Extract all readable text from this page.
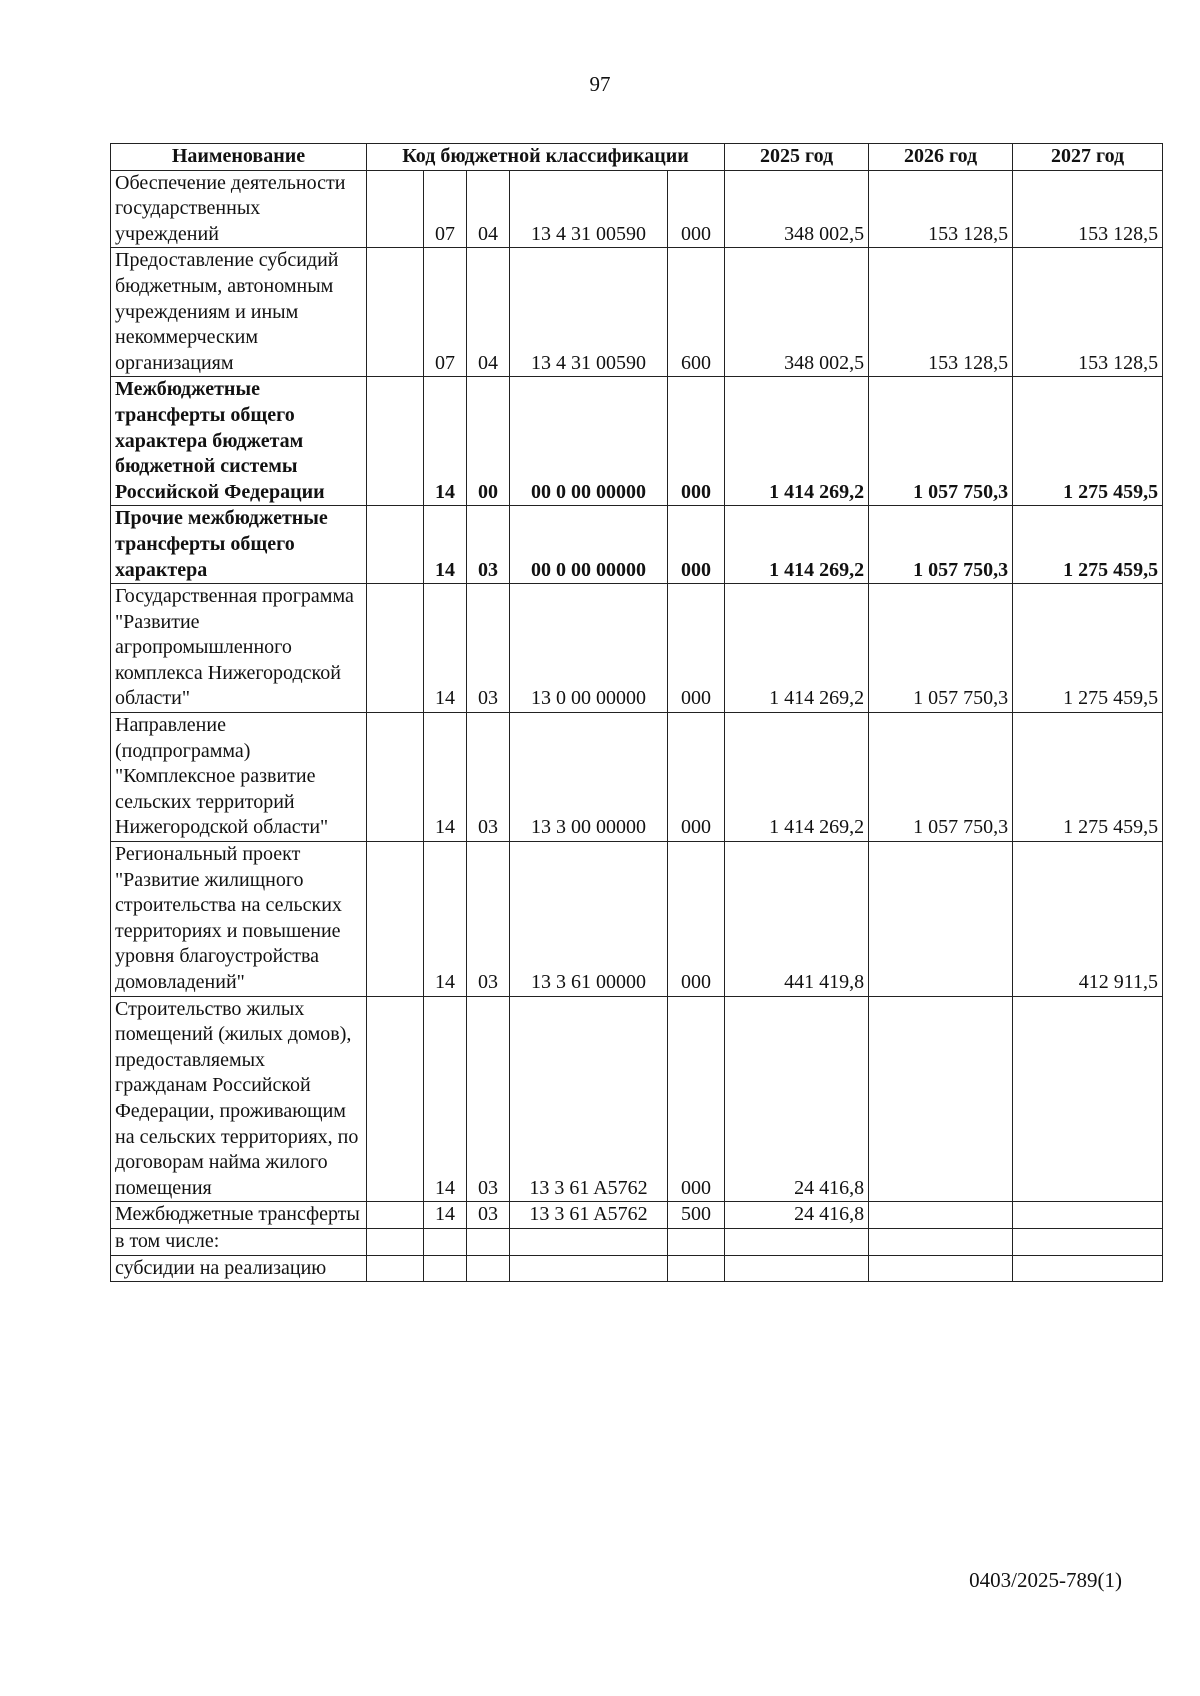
97
Наименование	Код бюджетной классификации					2025 год	2026 год	2027 год
Обеспечение деятельности государственных учреждений		07	04	13 4 31 00590	000	348 002,5	153 128,5	153 128,5
Предоставление субсидий бюджетным, автономным учреждениям и иным некоммерческим организациям		07	04	13 4 31 00590	600	348 002,5	153 128,5	153 128,5
Межбюджетные трансферты общего характера бюджетам бюджетной системы Российской Федерации		14	00	00 0 00 00000	000	1 414 269,2	1 057 750,3	1 275 459,5
Прочие межбюджетные трансферты общего характера		14	03	00 0 00 00000	000	1 414 269,2	1 057 750,3	1 275 459,5
Государственная программа "Развитие агропромышленного комплекса Нижегородской области"		14	03	13 0 00 00000	000	1 414 269,2	1 057 750,3	1 275 459,5
Направление (подпрограмма) "Комплексное развитие сельских территорий Нижегородской области"		14	03	13 3 00 00000	000	1 414 269,2	1 057 750,3	1 275 459,5
Региональный проект "Развитие жилищного строительства на сельских территориях и повышение уровня благоустройства домовладений"		14	03	13 3 61 00000	000	441 419,8		412 911,5
Строительство жилых помещений (жилых домов), предоставляемых гражданам Российской Федерации, проживающим на сельских территориях, по договорам найма жилого помещения		14	03	13 3 61 A5762	000	24 416,8		
Межбюджетные трансферты		14	03	13 3 61 A5762	500	24 416,8		
в том числе:								
субсидии на реализацию								
0403/2025-789(1)
